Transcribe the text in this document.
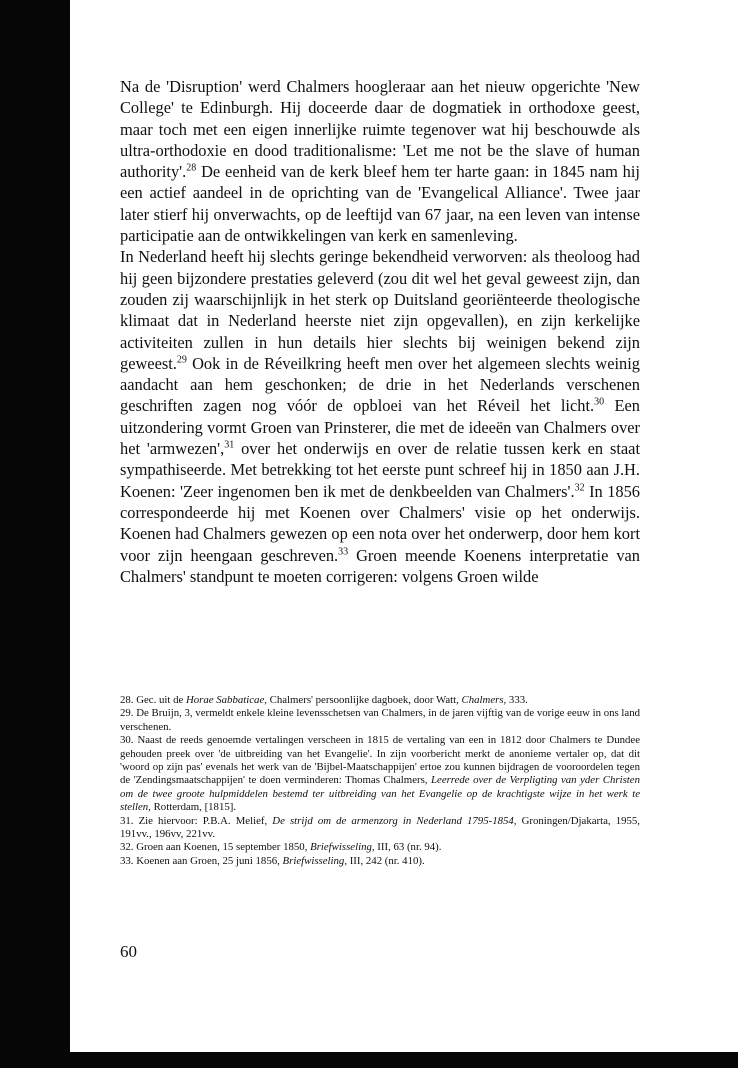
Na de 'Disruption' werd Chalmers hoogleraar aan het nieuw opgerichte 'New College' te Edinburgh. Hij doceerde daar de dogmatiek in orthodoxe geest, maar toch met een eigen innerlijke ruimte tegenover wat hij beschouwde als ultra-orthodoxie en dood traditionalisme: 'Let me not be the slave of human authority'.$^{28}$ De eenheid van de kerk bleef hem ter harte gaan: in 1845 nam hij een actief aandeel in de oprichting van de 'Evangelical Alliance'. Twee jaar later stierf hij onverwachts, op de leeftijd van 67 jaar, na een leven van intense participatie aan de ontwikkelingen van kerk en samenleving.

In Nederland heeft hij slechts geringe bekendheid verworven: als theoloog had hij geen bijzondere prestaties geleverd (zou dit wel het geval geweest zijn, dan zouden zij waarschijnlijk in het sterk op Duitsland georiënteerde theologische klimaat dat in Nederland heerste niet zijn opgevallen), en zijn kerkelijke activiteiten zullen in hun details hier slechts bij weinigen bekend zijn geweest.$^{29}$ Ook in de Réveilkring heeft men over het algemeen slechts weinig aandacht aan hem geschonken; de drie in het Nederlands verschenen geschriften zagen nog vóór de opbloei van het Réveil het licht.$^{30}$ Een uitzondering vormt Groen van Prinsterer, die met de ideeën van Chalmers over het 'armwezen',$^{31}$ over het onderwijs en over de relatie tussen kerk en staat sympathiseerde. Met betrekking tot het eerste punt schreef hij in 1850 aan J.H. Koenen: 'Zeer ingenomen ben ik met de denkbeelden van Chalmers'.$^{32}$ In 1856 correspondeerde hij met Koenen over Chalmers' visie op het onderwijs. Koenen had Chalmers gewezen op een nota over het onderwerp, door hem kort voor zijn heengaan geschreven.$^{33}$ Groen meende Koenens interpretatie van Chalmers' standpunt te moeten corrigeren: volgens Groen wilde

28. Gec. uit de Horae Sabbaticae, Chalmers' persoonlijke dagboek, door Watt, Chalmers, 333.

29. De Bruijn, 3, vermeldt enkele kleine levensschetsen van Chalmers, in de jaren vijftig van de vorige eeuw in ons land verschenen.

30. Naast de reeds genoemde vertalingen verscheen in 1815 de vertaling van een in 1812 door Chalmers te Dundee gehouden preek over 'de uitbreiding van het Evangelie'. In zijn voorbericht merkt de anonieme vertaler op, dat dit 'woord op zijn pas' evenals het werk van de 'Bijbel-Maatschappijen' ertoe zou kunnen bijdragen de vooroordelen tegen de 'Zendingsmaatschappijen' te doen verminderen: Thomas Chalmers, Leerrede over de Verpligting van yder Christen om de twee groote hulpmiddelen bestemd ter uitbreiding van het Evangelie op de krachtigste wijze in het werk te stellen, Rotterdam, [1815].

31. Zie hiervoor: P.B.A. Melief, De strijd om de armenzorg in Nederland 1795-1854, Groningen/Djakarta, 1955, 191vv., 196vv, 221vv.

32. Groen aan Koenen, 15 september 1850, Briefwisseling, III, 63 (nr. 94).

33. Koenen aan Groen, 25 juni 1856, Briefwisseling, III, 242 (nr. 410).

60
